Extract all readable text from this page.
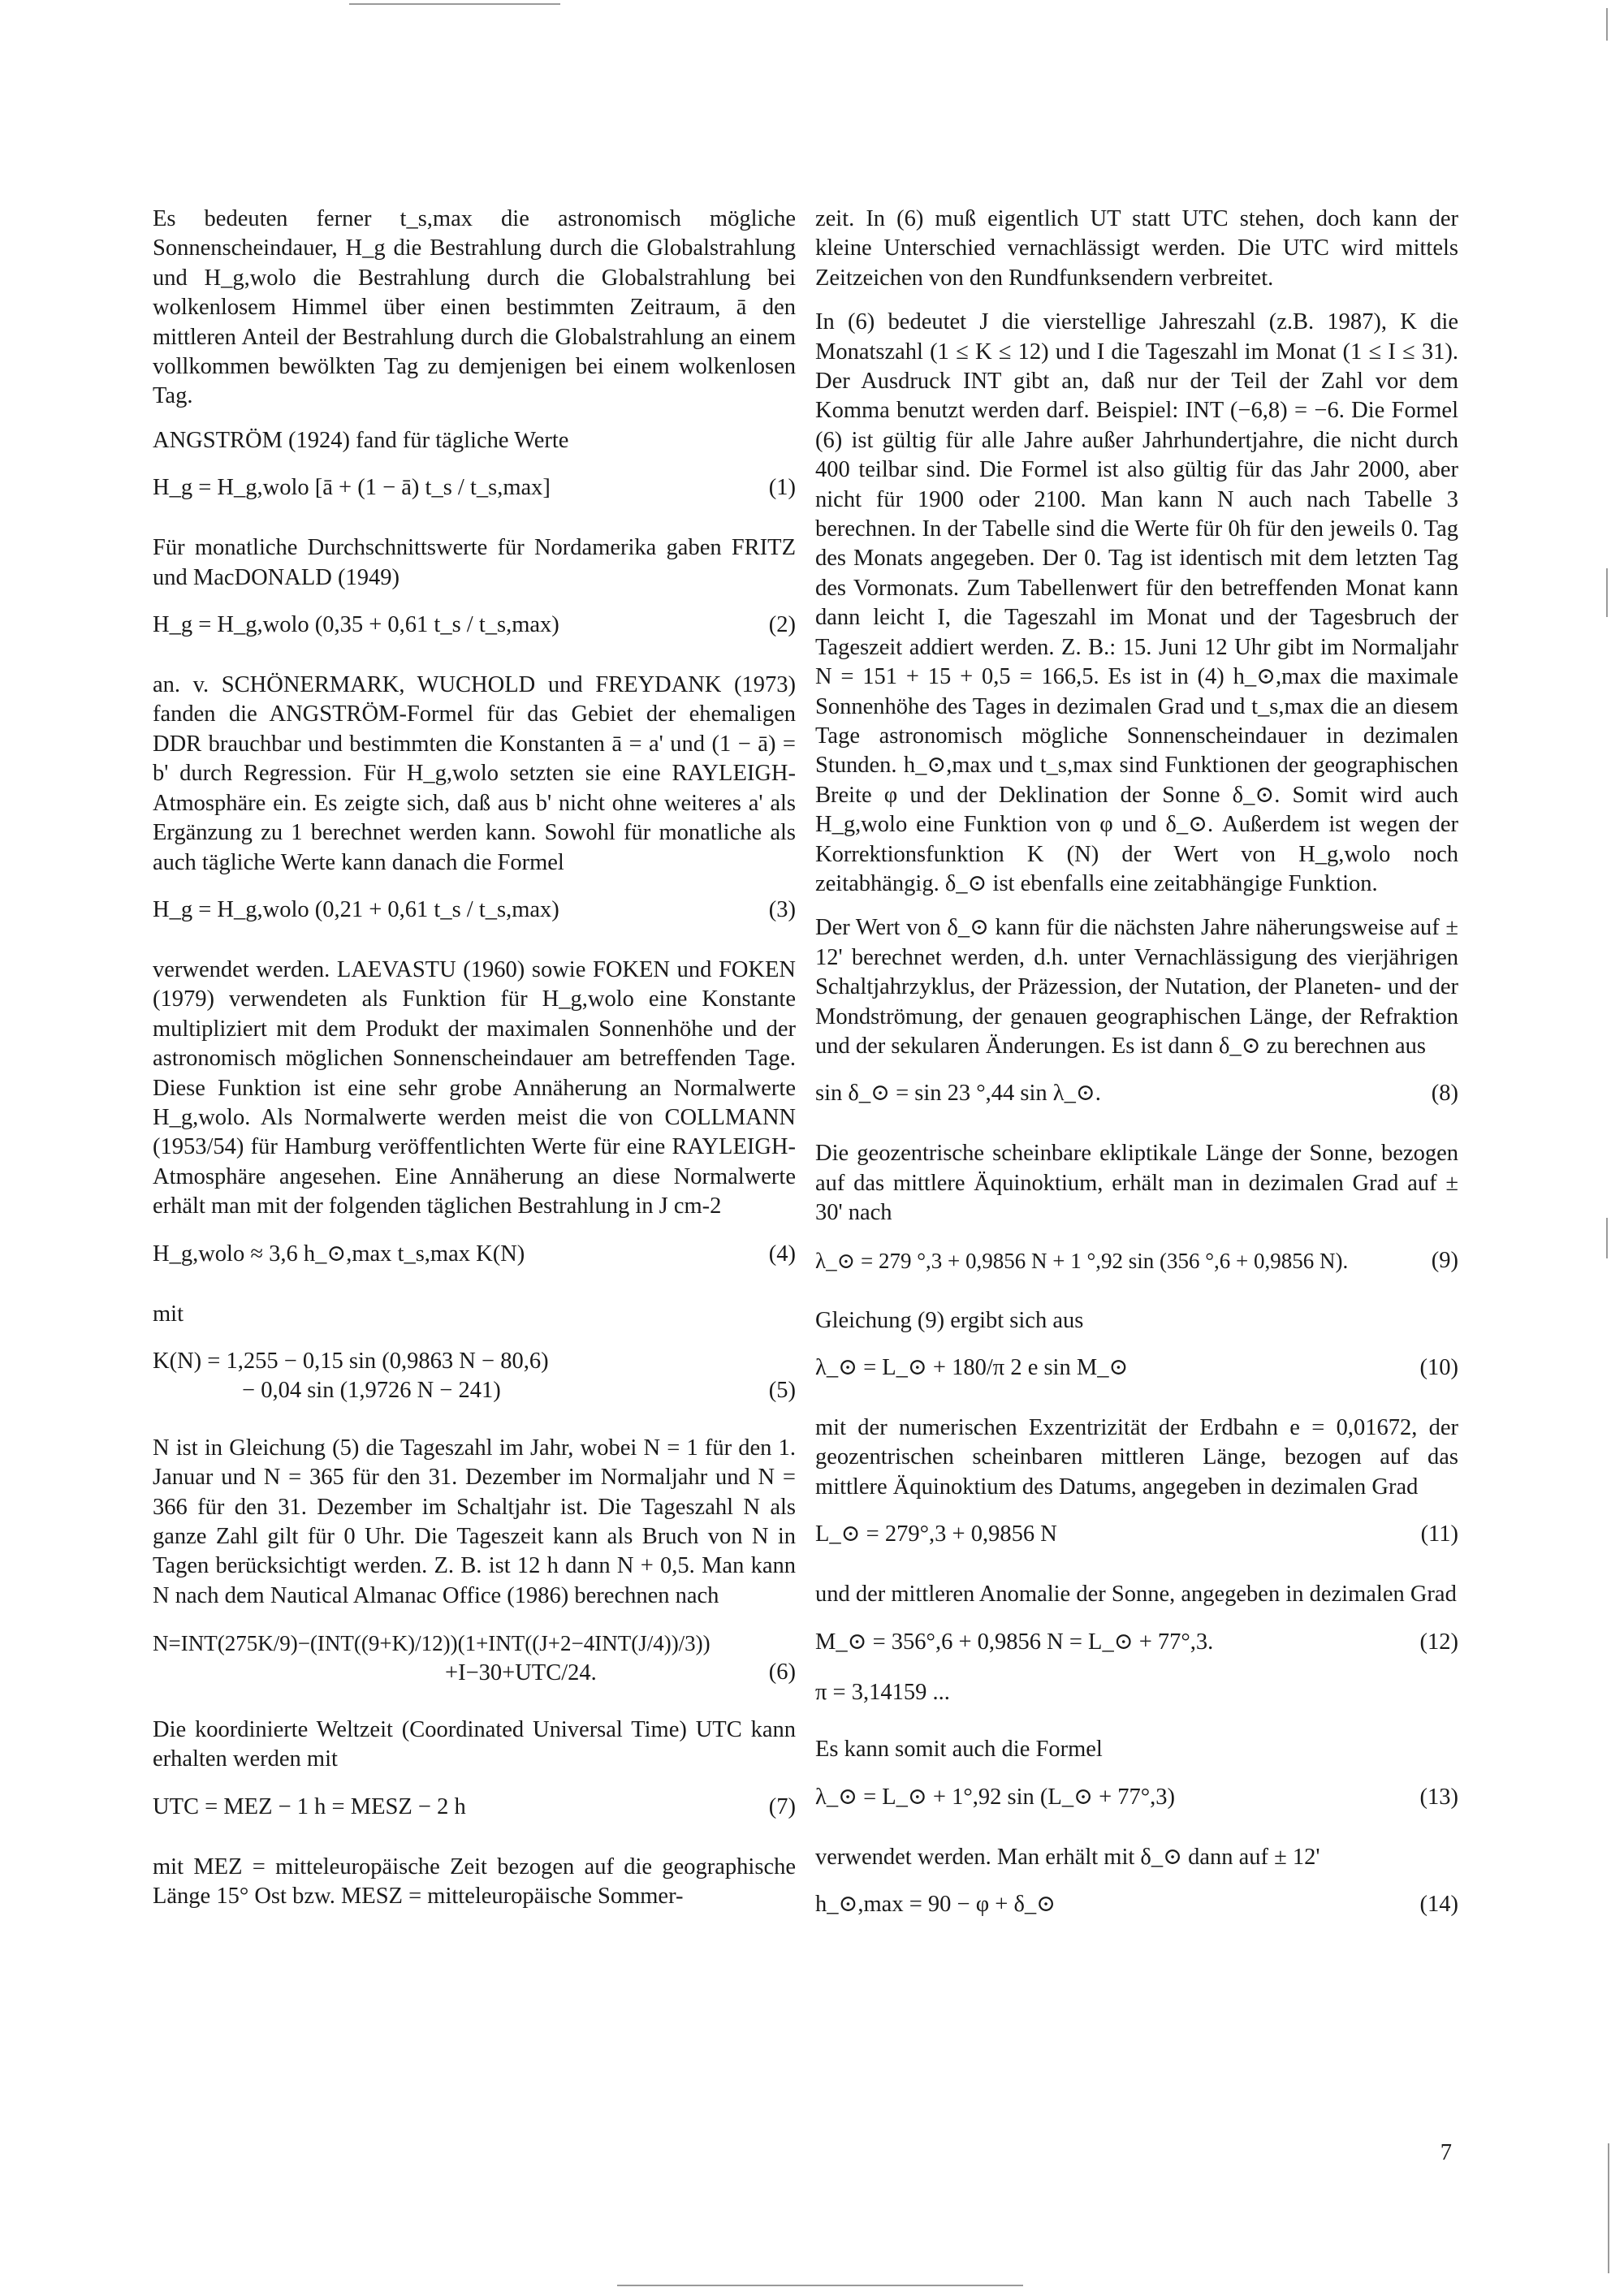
Es bedeuten ferner t_s,max die astronomisch mögliche Sonnenscheindauer, H_g die Bestrahlung durch die Globalstrahlung und H_g,wolo die Bestrahlung durch die Globalstrahlung bei wolkenlosem Himmel über einen bestimmten Zeitraum, ā den mittleren Anteil der Bestrahlung durch die Globalstrahlung an einem vollkommen bewölkten Tag zu demjenigen bei einem wolkenlosen Tag.

ANGSTRÖM (1924) fand für tägliche Werte

H_g = H_g,wolo [ā + (1 − ā) t_s / t_s,max]	(1)

Für monatliche Durchschnittswerte für Nordamerika gaben FRITZ und MacDONALD (1949)

H_g = H_g,wolo (0,35 + 0,61 t_s / t_s,max)	(2)

an. v. SCHÖNERMARK, WUCHOLD und FREYDANK (1973) fanden die ANGSTRÖM-Formel für das Gebiet der ehemaligen DDR brauchbar und bestimmten die Konstanten ā = a' und (1 − ā) = b' durch Regression. Für H_g,wolo setzten sie eine RAYLEIGH-Atmosphäre ein. Es zeigte sich, daß aus b' nicht ohne weiteres a' als Ergänzung zu 1 berechnet werden kann. Sowohl für monatliche als auch tägliche Werte kann danach die Formel

H_g = H_g,wolo (0,21 + 0,61 t_s / t_s,max)	(3)

verwendet werden. LAEVASTU (1960) sowie FOKEN und FOKEN (1979) verwendeten als Funktion für H_g,wolo eine Konstante multipliziert mit dem Produkt der maximalen Sonnenhöhe und der astronomisch möglichen Sonnenscheindauer am betreffenden Tage. Diese Funktion ist eine sehr grobe Annäherung an Normalwerte H_g,wolo. Als Normalwerte werden meist die von COLLMANN (1953/54) für Hamburg veröffentlichten Werte für eine RAYLEIGH-Atmosphäre angesehen. Eine Annäherung an diese Normalwerte erhält man mit der folgenden täglichen Bestrahlung in J cm-2

H_g,wolo ≈ 3,6 h_⊙,max t_s,max K(N)	(4)

mit

K(N) = 1,255 − 0,15 sin (0,9863 N − 80,6)
− 0,04 sin (1,9726 N − 241)	(5)

N ist in Gleichung (5) die Tageszahl im Jahr, wobei N = 1 für den 1. Januar und N = 365 für den 31. Dezember im Normaljahr und N = 366 für den 31. Dezember im Schaltjahr ist. Die Tageszahl N als ganze Zahl gilt für 0 Uhr. Die Tageszeit kann als Bruch von N in Tagen berücksichtigt werden. Z. B. ist 12 h dann N + 0,5. Man kann N nach dem Nautical Almanac Office (1986) berechnen nach

N=INT(275K/9)−(INT((9+K)/12))(1+INT((J+2−4INT(J/4))/3))
+I−30+UTC/24.	(6)

Die koordinierte Weltzeit (Coordinated Universal Time) UTC kann erhalten werden mit

UTC = MEZ − 1 h = MESZ − 2 h	(7)

mit MEZ = mitteleuropäische Zeit bezogen auf die geographische Länge 15° Ost bzw. MESZ = mitteleuropäische Sommer-

zeit. In (6) muß eigentlich UT statt UTC stehen, doch kann der kleine Unterschied vernachlässigt werden. Die UTC wird mittels Zeitzeichen von den Rundfunksendern verbreitet.

In (6) bedeutet J die vierstellige Jahreszahl (z.B. 1987), K die Monatszahl (1 ≤ K ≤ 12) und I die Tageszahl im Monat (1 ≤ I ≤ 31). Der Ausdruck INT gibt an, daß nur der Teil der Zahl vor dem Komma benutzt werden darf. Beispiel: INT (−6,8) = −6. Die Formel (6) ist gültig für alle Jahre außer Jahrhundertjahre, die nicht durch 400 teilbar sind. Die Formel ist also gültig für das Jahr 2000, aber nicht für 1900 oder 2100. Man kann N auch nach Tabelle 3 berechnen. In der Tabelle sind die Werte für 0h für den jeweils 0. Tag des Monats angegeben. Der 0. Tag ist identisch mit dem letzten Tag des Vormonats. Zum Tabellenwert für den betreffenden Monat kann dann leicht I, die Tageszahl im Monat und der Tagesbruch der Tageszeit addiert werden. Z. B.: 15. Juni 12 Uhr gibt im Normaljahr N = 151 + 15 + 0,5 = 166,5. Es ist in (4) h_⊙,max die maximale Sonnenhöhe des Tages in dezimalen Grad und t_s,max die an diesem Tage astronomisch mögliche Sonnenscheindauer in dezimalen Stunden. h_⊙,max und t_s,max sind Funktionen der geographischen Breite φ und der Deklination der Sonne δ_⊙. Somit wird auch H_g,wolo eine Funktion von φ und δ_⊙. Außerdem ist wegen der Korrektionsfunktion K (N) der Wert von H_g,wolo noch zeitabhängig. δ_⊙ ist ebenfalls eine zeitabhängige Funktion.

Der Wert von δ_⊙ kann für die nächsten Jahre näherungsweise auf ± 12' berechnet werden, d.h. unter Vernachlässigung des vierjährigen Schaltjahrzyklus, der Präzession, der Nutation, der Planeten- und der Mondströmung, der genauen geographischen Länge, der Refraktion und der sekularen Änderungen. Es ist dann δ_⊙ zu berechnen aus

sin δ_⊙ = sin 23 °,44 sin λ_⊙.	(8)

Die geozentrische scheinbare ekliptikale Länge der Sonne, bezogen auf das mittlere Äquinoktium, erhält man in dezimalen Grad auf ± 30' nach

λ_⊙ = 279 °,3 + 0,9856 N + 1 °,92 sin (356 °,6 + 0,9856 N).	(9)

Gleichung (9) ergibt sich aus

λ_⊙ = L_⊙ + 180/π 2 e sin M_⊙	(10)

mit der numerischen Exzentrizität der Erdbahn e = 0,01672, der geozentrischen scheinbaren mittleren Länge, bezogen auf das mittlere Äquinoktium des Datums, angegeben in dezimalen Grad

L_⊙ = 279°,3 + 0,9856 N	(11)

und der mittleren Anomalie der Sonne, angegeben in dezimalen Grad

M_⊙ = 356°,6 + 0,9856 N = L_⊙ + 77°,3.
π = 3,14159 ...
(12)

Es kann somit auch die Formel

λ_⊙ = L_⊙ + 1°,92 sin (L_⊙ + 77°,3)	(13)

verwendet werden. Man erhält mit δ_⊙ dann auf ± 12'

h_⊙,max = 90 − φ + δ_⊙	(14)
7
